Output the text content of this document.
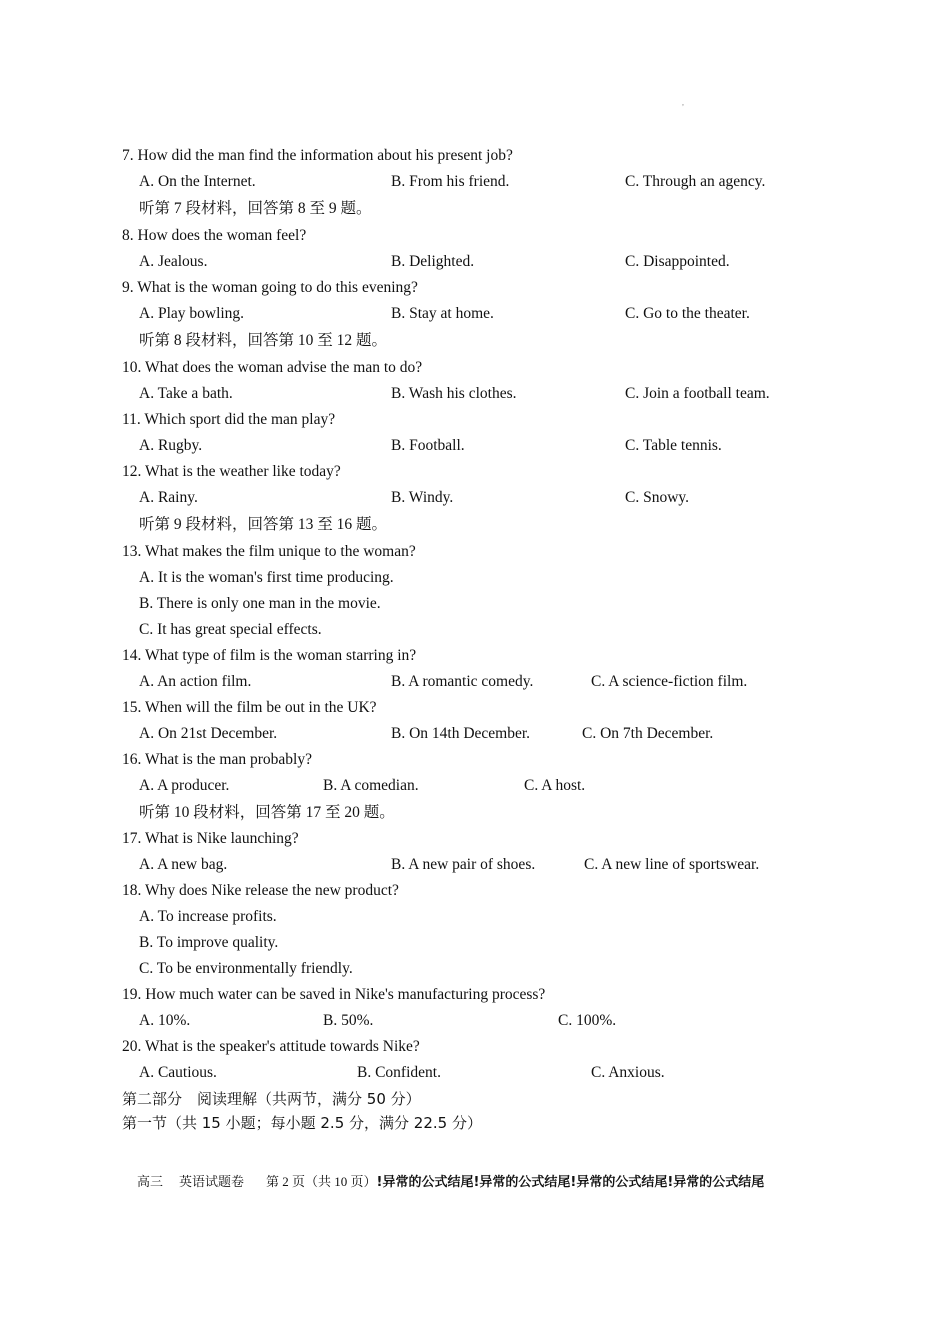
,
7. How did the man find the information about his present job?
A. On the Internet.	B. From his friend.	C. Through an agency.
听第 7 段材料，回答第 8 至 9 题。
8. How does the woman feel?
A. Jealous.	B. Delighted.	C. Disappointed.
9. What is the woman going to do this evening?
A. Play bowling.	B. Stay at home.	C. Go to the theater.
听第 8 段材料，回答第 10 至 12 题。
10. What does the woman advise the man to do?
A. Take a bath.	B. Wash his clothes.	C. Join a football team.
11. Which sport did the man play?
A. Rugby.	B. Football.	C. Table tennis.
12. What is the weather like today?
A. Rainy.	B. Windy.	C. Snowy.
听第 9 段材料，回答第 13 至 16 题。
13. What makes the film unique to the woman?
A. It is the woman's first time producing.
B. There is only one man in the movie.
C. It has great special effects.
14. What type of film is the woman starring in?
A. An action film.	B. A romantic comedy.	C. A science-fiction film.
15. When will the film be out in the UK?
A. On 21st December.	B. On 14th December.	C. On 7th December.
16. What is the man probably?
A. A producer.	B. A comedian.	C. A host.
听第 10 段材料，回答第 17 至 20 题。
17. What is Nike launching?
A. A new bag.	B. A new pair of shoes.	C. A new line of sportswear.
18. Why does Nike release the new product?
A. To increase profits.
B. To improve quality.
C. To be environmentally friendly.
19. How much water can be saved in Nike's manufacturing process?
A. 10%.	B. 50%.	C. 100%.
20. What is the speaker's attitude towards Nike?
A. Cautious.	B. Confident.	C. Anxious.
第二部分　阅读理解（共两节，满分 50 分）
第一节（共 15 小题；每小题 2.5 分，满分 22.5 分）
高三 英语试题卷 第 2 页（共 10 页）!异常的公式结尾!异常的公式结尾!异常的公式结尾!异常的公式结尾
